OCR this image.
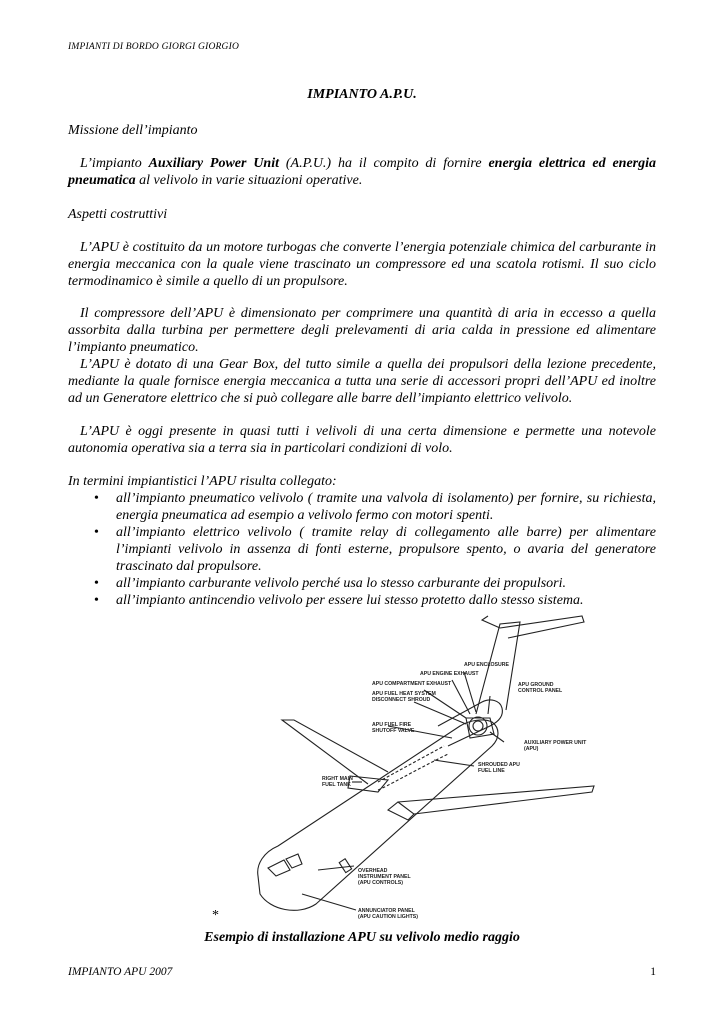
IMPIANTI DI BORDO GIORGI GIORGIO
IMPIANTO A.P.U.
Missione dell’impianto

L’impianto Auxiliary Power Unit (A.P.U.) ha il compito di fornire energia elettrica ed energia pneumatica al velivolo in varie situazioni operative.

Aspetti costruttivi

L’APU è costituito da un motore turbogas che converte l’energia potenziale chimica del carburante in energia meccanica con la quale viene trascinato un compressore ed una scatola rotismi. Il suo ciclo termodinamico è simile a quello di un propulsore.

Il compressore dell’APU è dimensionato per comprimere una quantità di aria in eccesso a quella assorbita dalla turbina per permettere degli prelevamenti di aria calda in pressione ed alimentare l’impianto pneumatico.

L’APU è dotato di una Gear Box, del tutto simile a quella dei propulsori della lezione precedente, mediante la quale fornisce energia meccanica a tutta una serie di accessori propri dell’APU ed inoltre ad un Generatore elettrico che si può collegare alle barre dell’impianto elettrico velivolo.

L’APU è oggi presente in quasi tutti i velivoli di una certa dimensione e permette una notevole autonomia operativa sia a terra sia in particolari condizioni di volo.

In termini impiantistici l’APU risulta collegato:

• all’impianto pneumatico velivolo ( tramite una valvola di isolamento) per fornire, su richiesta, energia pneumatica ad esempio a velivolo fermo con motori spenti.
• all’impianto elettrico velivolo ( tramite relay di collegamento alle barre) per alimentare l’impianti velivolo in assenza di fonti esterne, propulsore spento, o avaria del generatore trascinato dal propulsore.
• all’impianto carburante velivolo perché usa lo stesso carburante dei propulsori.
• all’impianto antincendio velivolo per essere lui stesso protetto dallo stesso sistema.
APU ENCLOSURE
APU ENGINE EXHAUST
APU COMPARTMENT EXHAUST
APU FUEL HEAT SYSTEM
DISCONNECT SHROUD
APU GROUND
CONTROL PANEL
APU FUEL FIRE
SHUTOFF VALVE
AUXILIARY POWER UNIT
(APU)
SHROUDED APU
FUEL LINE
RIGHT MAIN
FUEL TANK
OVERHEAD
INSTRUMENT PANEL
(APU CONTROLS)
ANNUNCIATOR PANEL
(APU CAUTION LIGHTS)
*
Esempio di installazione APU su velivolo medio raggio
IMPIANTO APU 2007	1
